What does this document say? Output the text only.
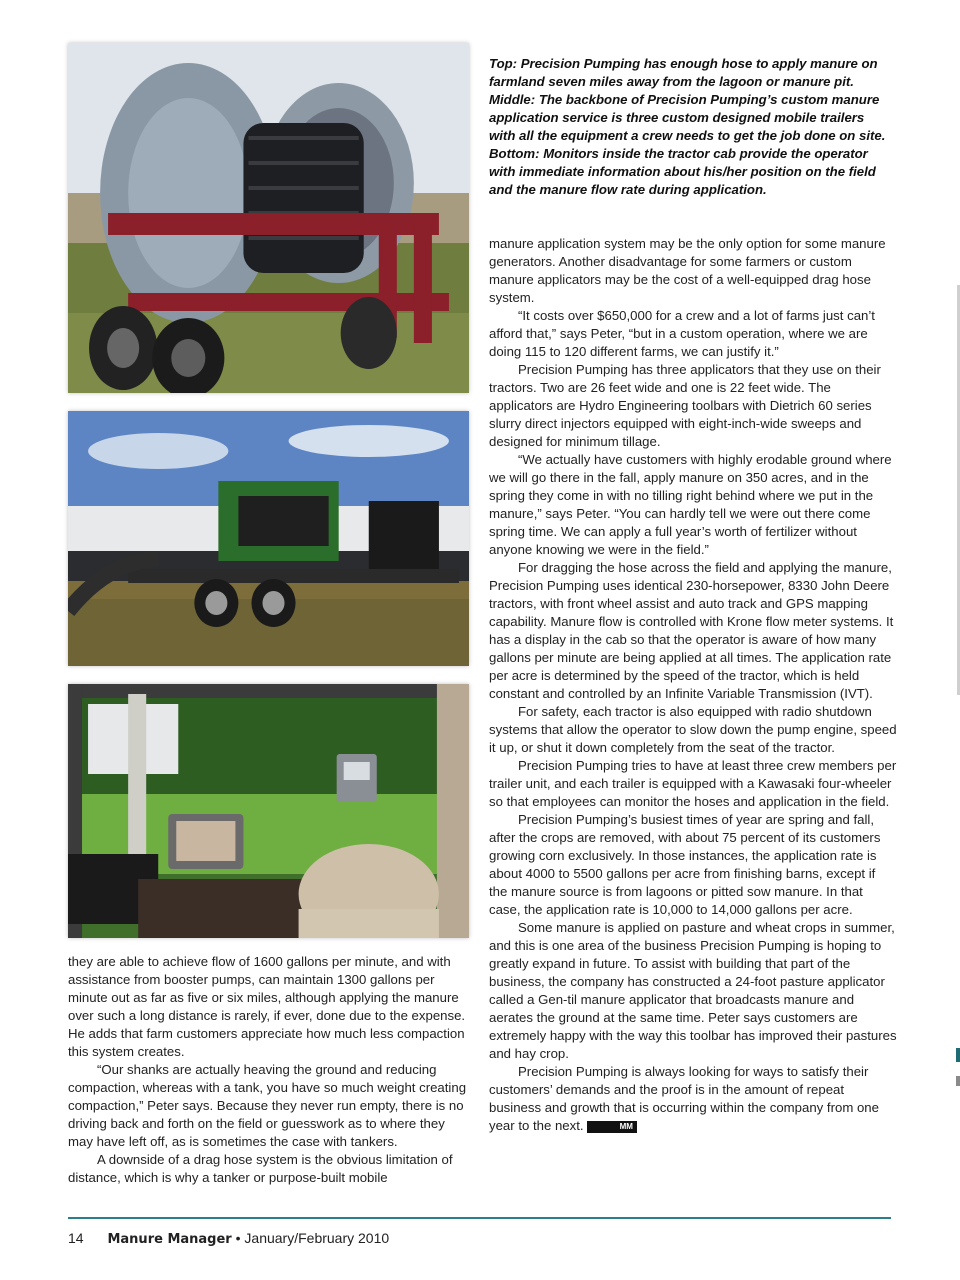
Top: Precision Pumping has enough hose to apply manure on farmland seven miles away from the lagoon or manure pit. Middle: The backbone of Precision Pumping’s custom manure application service is three custom designed mobile trailers with all the equipment a crew needs to get the job done on site. Bottom: Monitors inside the tractor cab provide the operator with immediate information about his/her position on the field and the manure flow rate during application.

they are able to achieve flow of 1600 gallons per minute, and with assistance from booster pumps, can maintain 1300 gallons per minute out as far as five or six miles, although applying the manure over such a long distance is rarely, if ever, done due to the expense. He adds that farm customers appreciate how much less compaction this system creates.

“Our shanks are actually heaving the ground and reducing compaction, whereas with a tank, you have so much weight creating compaction,” Peter says. Because they never run empty, there is no driving back and forth on the field or guesswork as to where they may have left off, as is sometimes the case with tankers.

A downside of a drag hose system is the obvious limitation of distance, which is why a tanker or purpose-built mobile

manure application system may be the only option for some manure generators. Another disadvantage for some farmers or custom manure applicators may be the cost of a well-equipped drag hose system.

“It costs over $650,000 for a crew and a lot of farms just can’t afford that,” says Peter, “but in a custom operation, where we are doing 115 to 120 different farms, we can justify it.”

Precision Pumping has three applicators that they use on their tractors. Two are 26 feet wide and one is 22 feet wide. The applicators are Hydro Engineering toolbars with Dietrich 60 series slurry direct injectors equipped with eight-inch-wide sweeps and designed for minimum tillage.

“We actually have customers with highly erodable ground where we will go there in the fall, apply manure on 350 acres, and in the spring they come in with no tilling right behind where we put in the manure,” says Peter. “You can hardly tell we were out there come spring time. We can apply a full year’s worth of fertilizer without anyone knowing we were in the field.”

For dragging the hose across the field and applying the manure, Precision Pumping uses identical 230-horsepower, 8330 John Deere tractors, with front wheel assist and auto track and GPS mapping capability. Manure flow is controlled with Krone flow meter systems. It has a display in the cab so that the operator is aware of how many gallons per minute are being applied at all times. The application rate per acre is determined by the speed of the tractor, which is held constant and controlled by an Infinite Variable Transmission (IVT).

For safety, each tractor is also equipped with radio shutdown systems that allow the operator to slow down the pump engine, speed it up, or shut it down completely from the seat of the tractor.

Precision Pumping tries to have at least three crew members per trailer unit, and each trailer is equipped with a Kawasaki four-wheeler so that employees can monitor the hoses and application in the field.

Precision Pumping’s busiest times of year are spring and fall, after the crops are removed, with about 75 percent of its customers growing corn exclusively. In those instances, the application rate is about 4000 to 5500 gallons per acre from finishing barns, except if the manure source is from lagoons or pitted sow manure. In that case, the application rate is 10,000 to 14,000 gallons per acre.

Some manure is applied on pasture and wheat crops in summer, and this is one area of the business Precision Pumping is hoping to greatly expand in future. To assist with building that part of the business, the company has constructed a 24-foot pasture applicator called a Gen-til manure applicator that broadcasts manure and aerates the ground at the same time. Peter says customers are extremely happy with the way this toolbar has improved their pastures and hay crop.

Precision Pumping is always looking for ways to satisfy their customers’ demands and the proof is in the amount of repeat business and growth that is occurring within the company from one year to the next.	MM

14 Manure Manager • January/February 2010
